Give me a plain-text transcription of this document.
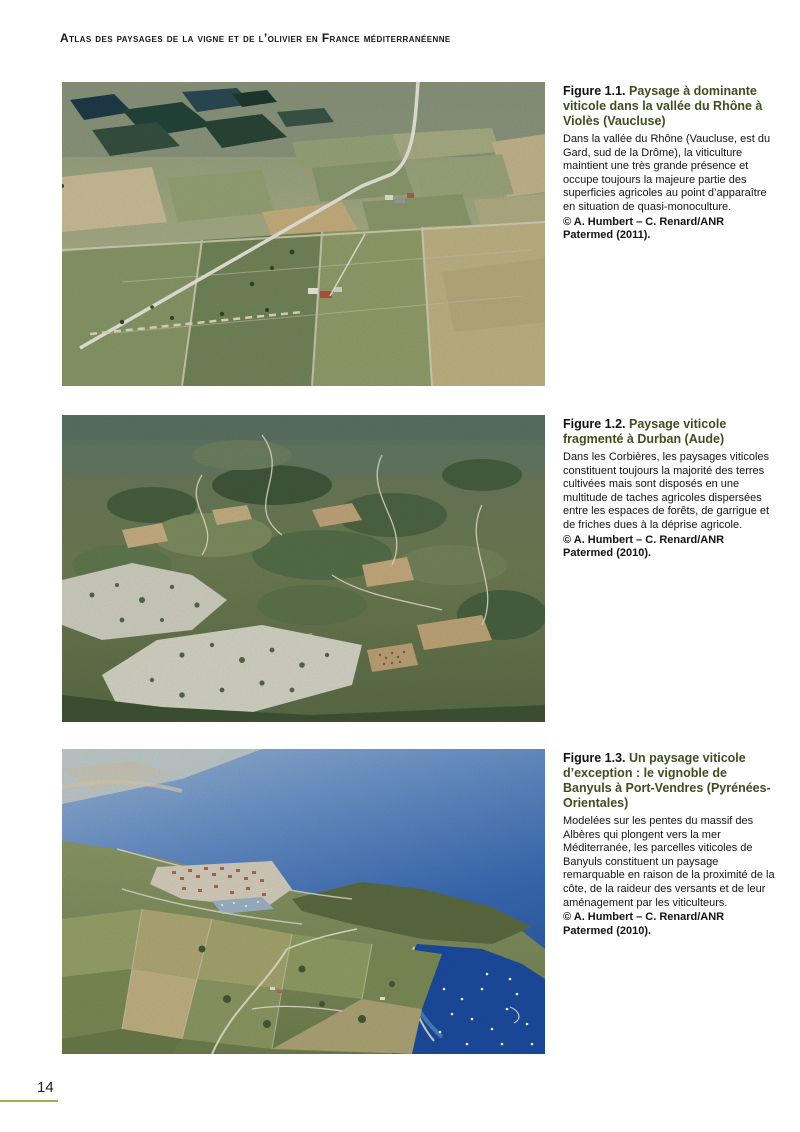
Atlas des paysages de la vigne et de l’olivier en France méditerranéenne
Figure 1.1. Paysage à dominante viticole dans la vallée du Rhône à Violès (Vaucluse)

Dans la vallée du Rhône (Vaucluse, est du Gard, sud de la Drôme), la viticulture maintient une très grande présence et occupe toujours la majeure partie des superficies agricoles au point d’apparaître en situation de quasi-monoculture.

© A. Humbert – C. Renard/ANR Patermed (2011).

Figure 1.2. Paysage viticole fragmenté à Durban (Aude)

Dans les Corbières, les paysages viticoles constituent toujours la majorité des terres cultivées mais sont disposés en une multitude de taches agricoles dispersées entre les espaces de forêts, de garrigue et de friches dues à la déprise agricole.

© A. Humbert – C. Renard/ANR Patermed (2010).

Figure 1.3. Un paysage viticole d’exception : le vignoble de Banyuls à Port-Vendres (Pyrénées-Orientales)

Modelées sur les pentes du massif des Albères qui plongent vers la mer Méditerranée, les parcelles viticoles de Banyuls constituent un paysage remarquable en raison de la proximité de la côte, de la raideur des versants et de leur aménagement par les viticulteurs.

© A. Humbert – C. Renard/ANR Patermed (2010).

14
